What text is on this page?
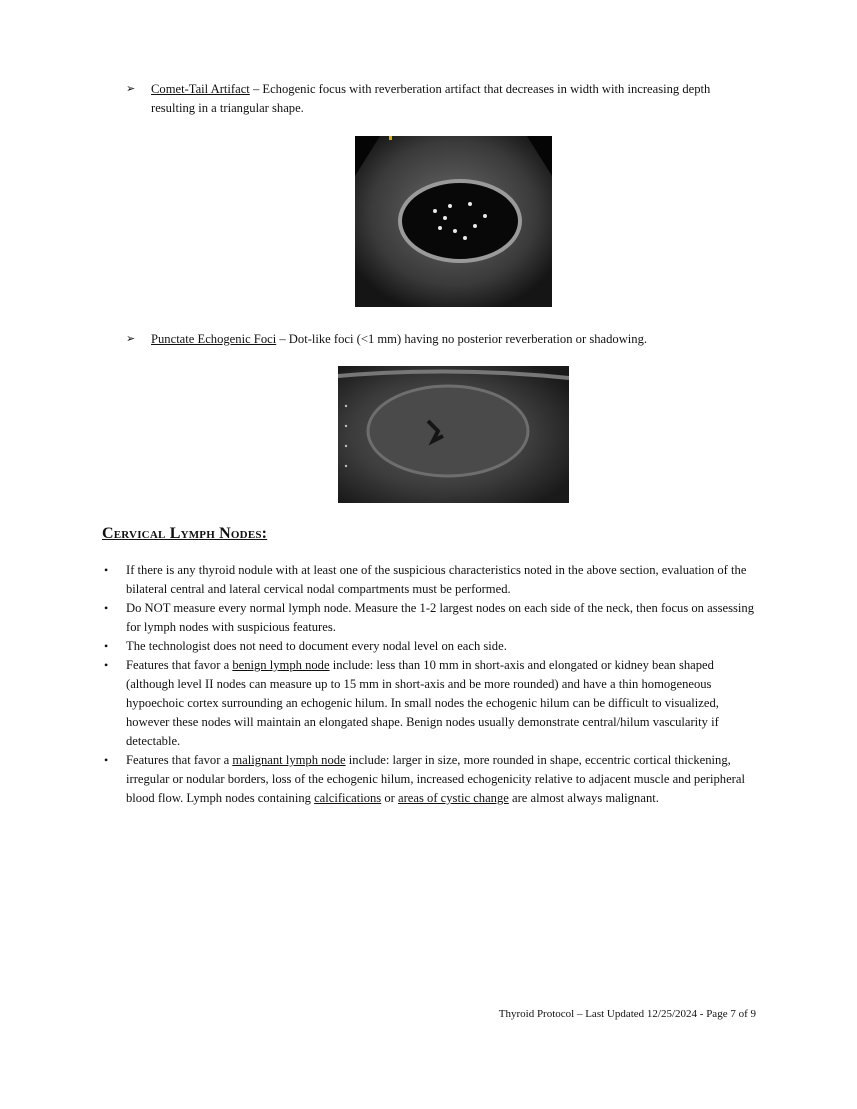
➢ Comet-Tail Artifact – Echogenic focus with reverberation artifact that decreases in width with increasing depth resulting in a triangular shape.
➢ Punctate Echogenic Foci – Dot-like foci (<1 mm) having no posterior reverberation or shadowing.
Cervical Lymph Nodes:
• If there is any thyroid nodule with at least one of the suspicious characteristics noted in the above section, evaluation of the bilateral central and lateral cervical nodal compartments must be performed.
• Do NOT measure every normal lymph node. Measure the 1-2 largest nodes on each side of the neck, then focus on assessing for lymph nodes with suspicious features.
• The technologist does not need to document every nodal level on each side.
• Features that favor a benign lymph node include: less than 10 mm in short-axis and elongated or kidney bean shaped (although level II nodes can measure up to 15 mm in short-axis and be more rounded) and have a thin homogeneous hypoechoic cortex surrounding an echogenic hilum. In small nodes the echogenic hilum can be difficult to visualized, however these nodes will maintain an elongated shape. Benign nodes usually demonstrate central/hilum vascularity if detectable.
• Features that favor a malignant lymph node include: larger in size, more rounded in shape, eccentric cortical thickening, irregular or nodular borders, loss of the echogenic hilum, increased echogenicity relative to adjacent muscle and peripheral blood flow. Lymph nodes containing calcifications or areas of cystic change are almost always malignant.
Thyroid Protocol – Last Updated 12/25/2024 - Page 7 of 9
